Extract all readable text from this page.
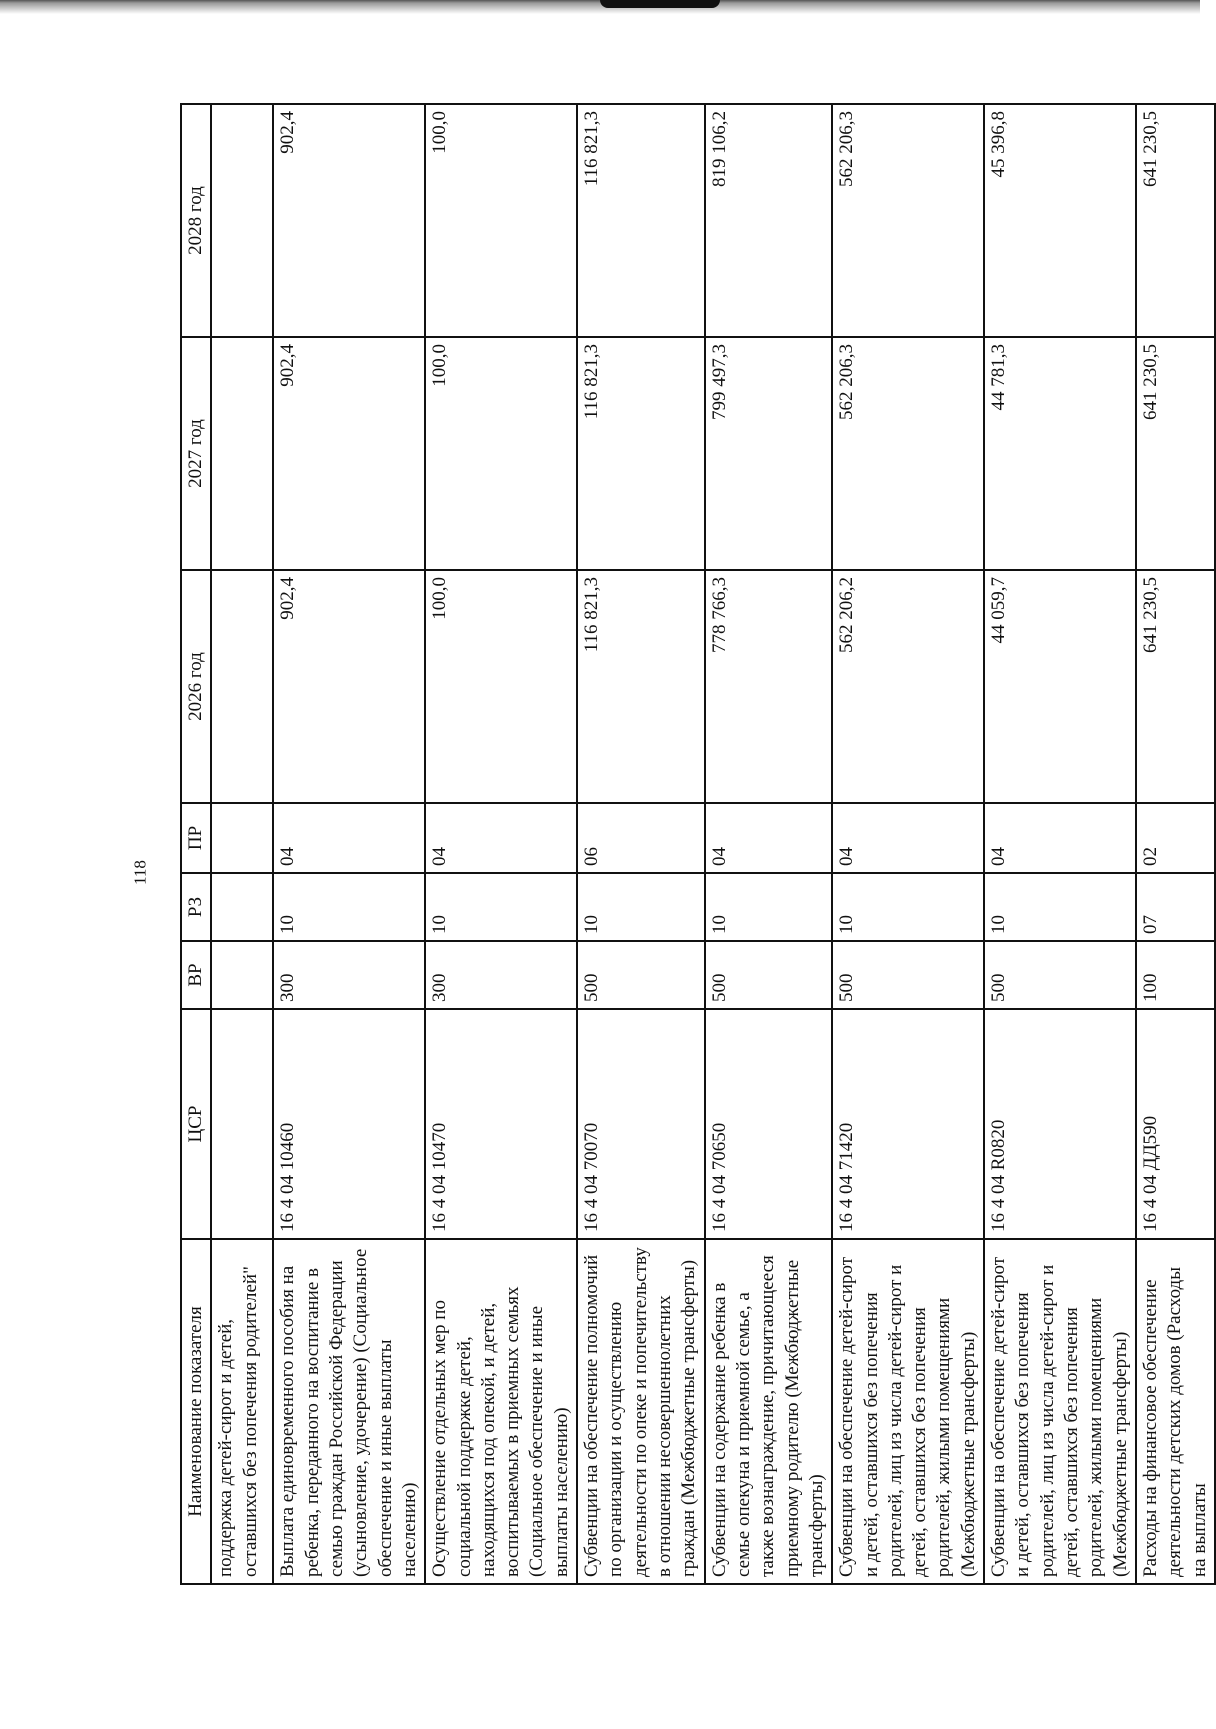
118
Наименование показателя	ЦСР	ВР	РЗ	ПР	2026 год	2027 год	2028 год
поддержка детей-сирот и детей, оставшихся без попечения родителей"							
Выплата единовременного пособия на ребенка, переданного на воспитание в семью граждан Российской Федерации (усыновление, удочерение) (Социальное обеспечение и иные выплаты населению)	16 4 04 10460	300	10	04	902,4	902,4	902,4
Осуществление отдельных мер по социальной поддержке детей, находящихся под опекой, и детей, воспитываемых в приемных семьях (Социальное обеспечение и иные выплаты населению)	16 4 04 10470	300	10	04	100,0	100,0	100,0
Субвенции на обеспечение полномочий по организации и осуществлению деятельности по опеке и попечительству в отношении несовершеннолетних граждан (Межбюджетные трансферты)	16 4 04 70070	500	10	06	116 821,3	116 821,3	116 821,3
Субвенции на содержание ребенка в семье опекуна и приемной семье, а также вознаграждение, причитающееся приемному родителю (Межбюджетные трансферты)	16 4 04 70650	500	10	04	778 766,3	799 497,3	819 106,2
Субвенции на обеспечение детей-сирот и детей, оставшихся без попечения родителей, лиц из числа детей-сирот и детей, оставшихся без попечения родителей, жилыми помещениями (Межбюджетные трансферты)	16 4 04 71420	500	10	04	562 206,2	562 206,3	562 206,3
Субвенции на обеспечение детей-сирот и детей, оставшихся без попечения родителей, лиц из числа детей-сирот и детей, оставшихся без попечения родителей, жилыми помещениями (Межбюджетные трансферты)	16 4 04 R0820	500	10	04	44 059,7	44 781,3	45 396,8
Расходы на финансовое обеспечение деятельности детских домов (Расходы на выплаты	16 4 04 ДД590	100	07	02	641 230,5	641 230,5	641 230,5
